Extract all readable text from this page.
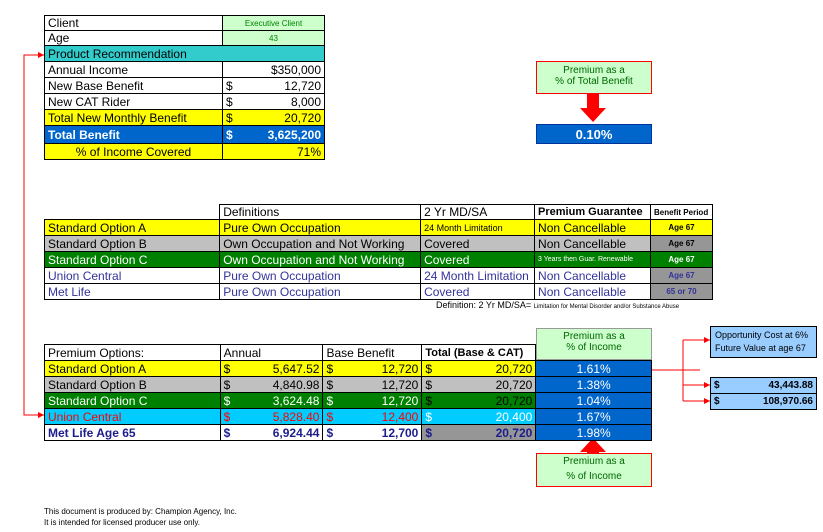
Client	Executive Client	
Age	43	
Product Recommendation		
Annual Income	$350,000	
New Base Benefit	$	12,720
New CAT Rider	$	8,000
Total New Monthly Benefit	$	20,720
Total Benefit	$	3,625,200
% of Income Covered	71%	
Premium as a
% of Total Benefit
0.10%
	Definitions	2 Yr MD/SA	Premium Guarantee	Benefit Period
Standard Option A	Pure Own Occupation	24 Month Limitation	Non Cancellable	Age 67
Standard Option B	Own Occupation and Not Working	Covered	Non Cancellable	Age 67
Standard Option C	Own Occupation and Not Working	Covered	3 Years then Guar. Renewable	Age 67
Union Central	Pure Own Occupation	24 Month Limitation	Non Cancellable	Age 67
Met Life	Pure Own Occupation	Covered	Non Cancellable	65 or 70
Definition: 2 Yr MD/SA= Limitation for Mental Disorder and/or Substance Abuse
Premium as a
% of Income
Premium Options:	Annual	Base Benefit	Total (Base & CAT)	
Standard Option A	$ 5,647.52	$ 12,720	$ 20,720	1.61%
Standard Option B	$ 4,840.98	$ 12,720	$ 20,720	1.38%
Standard Option C	$ 3,624.48	$ 12,720	$ 20,720	1.04%
Union Central	$ 5,828.40	$ 12,400	$ 20,400	1.67%
Met Life Age 65	$ 6,924.44	$ 12,700	$ 20,720	1.98%
Premium as a
% of Income
Opportunity Cost at 6%
Future Value at age 67
$	43,443.88
$	108,970.66
This document is produced by: Champion Agency, Inc.
It is intended for licensed producer use only.
